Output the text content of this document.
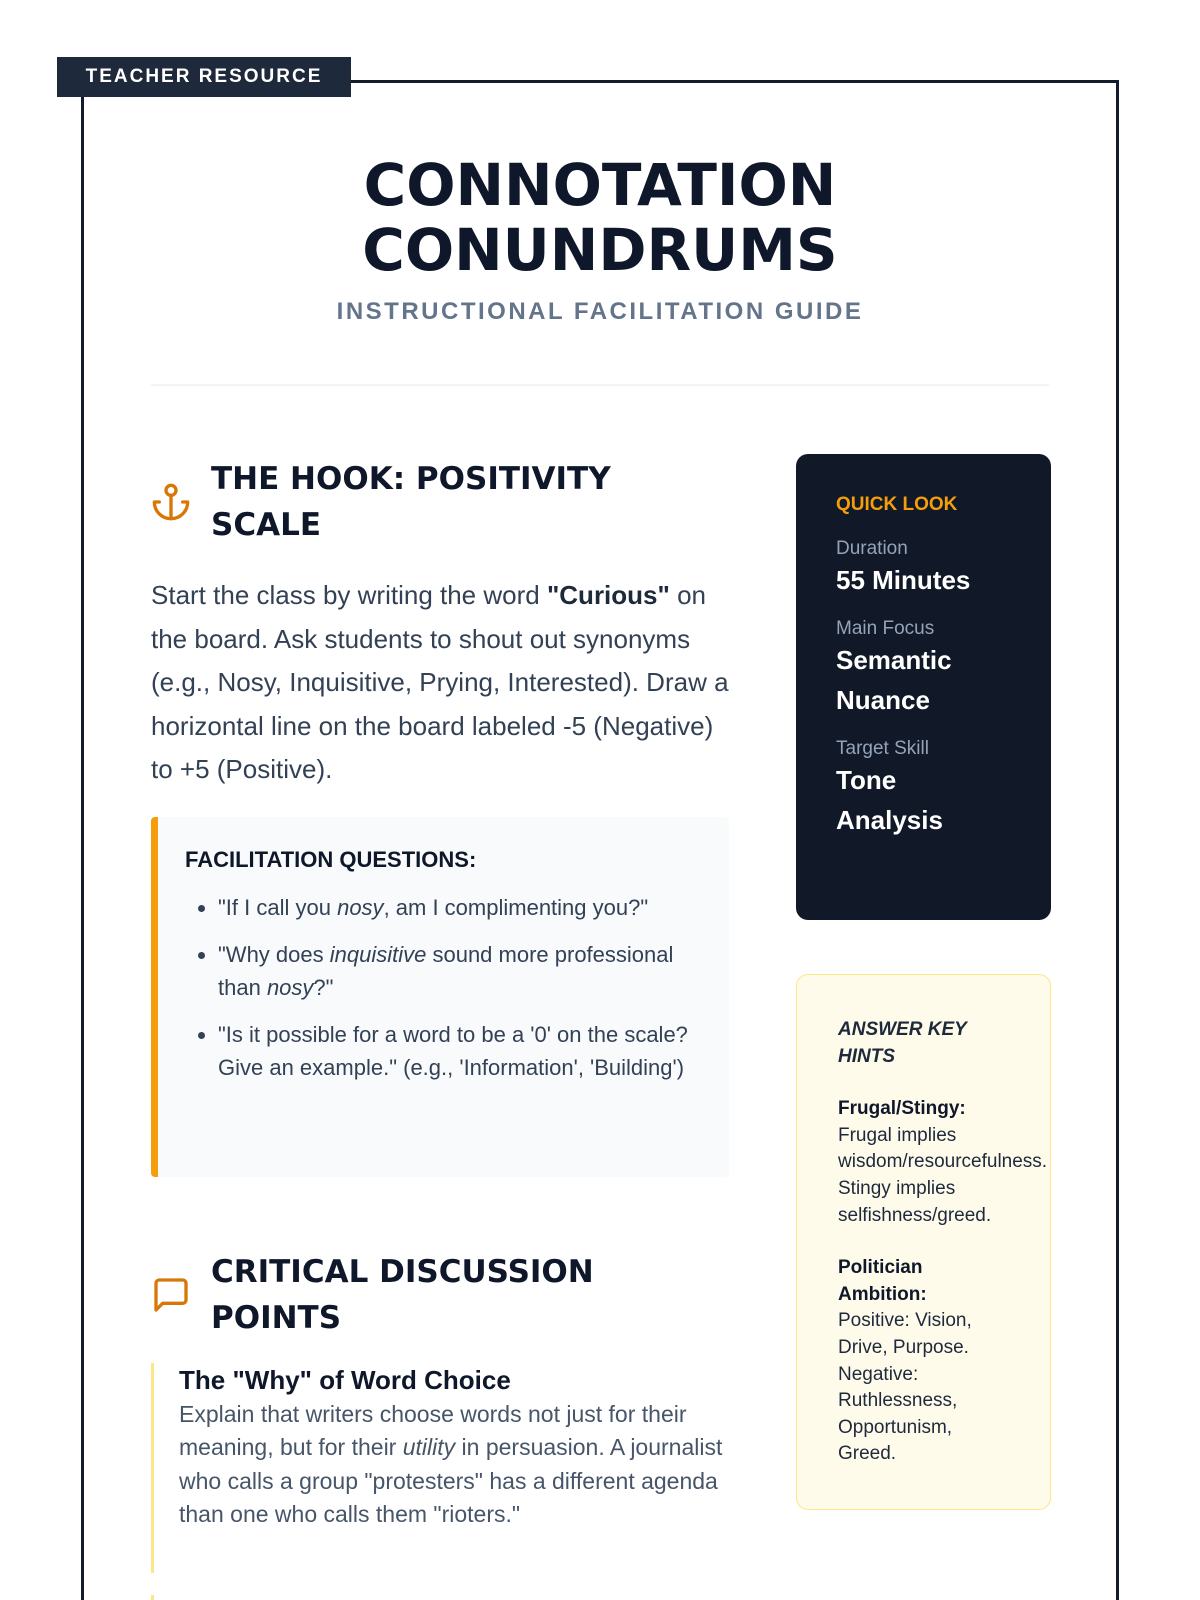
TEACHER RESOURCE
CONNOTATION
CONUNDRUMS
INSTRUCTIONAL FACILITATION GUIDE
THE HOOK: POSITIVITY
SCALE

Start the class by writing the word "Curious" on the board. Ask students to shout out synonyms (e.g., Nosy, Inquisitive, Prying, Interested). Draw a horizontal line on the board labeled -5 (Negative) to +5 (Positive).

FACILITATION QUESTIONS:
• "If I call you nosy, am I complimenting you?"
• "Why does inquisitive sound more professional than nosy?"
• "Is it possible for a word to be a '0' on the scale? Give an example." (e.g., 'Information', 'Building')
CRITICAL DISCUSSION
POINTS
The "Why" of Word Choice

Explain that writers choose words not just for their meaning, but for their utility in persuasion. A journalist who calls a group "protesters" has a different agenda than one who calls them "rioters."

QUICK LOOK
Duration
55 Minutes
Main Focus
Semantic
Nuance
Target Skill
Tone
Analysis
ANSWER KEY HINTS
Frugal/Stingy:
Frugal implies wisdom/resourcefulness. Stingy implies selfishness/greed.
Politician Ambition:
Positive: Vision, Drive, Purpose. Negative: Ruthlessness, Opportunism, Greed.
